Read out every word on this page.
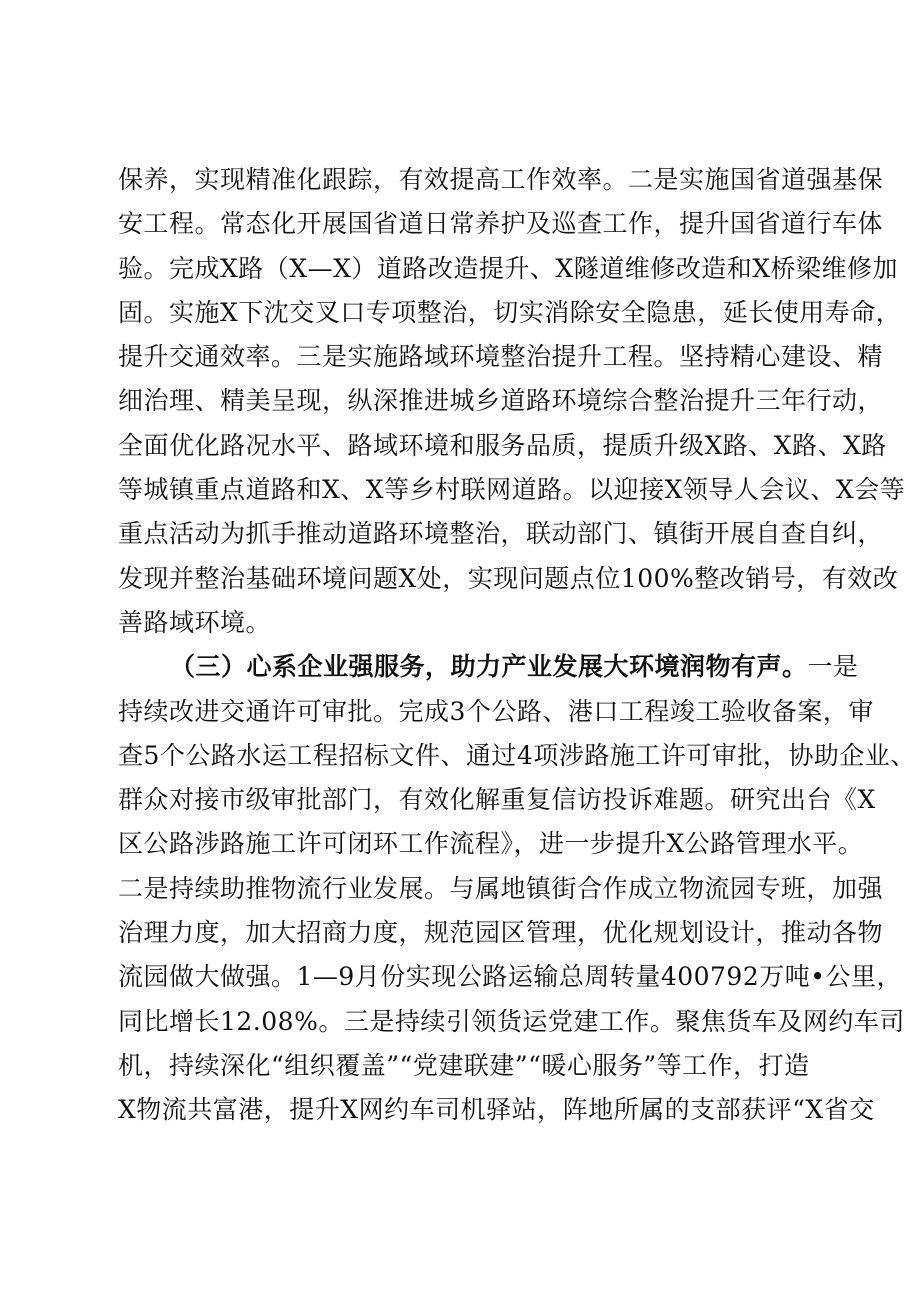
保养，实现精准化跟踪，有效提高工作效率。二是实施国省道强基保
安工程。常态化开展国省道日常养护及巡查工作，提升国省道行车体
验。完成X路（X—X）道路改造提升、X隧道维修改造和X桥梁维修加
固。实施X下沈交叉口专项整治，切实消除安全隐患，延长使用寿命，
提升交通效率。三是实施路域环境整治提升工程。坚持精心建设、精
细治理、精美呈现，纵深推进城乡道路环境综合整治提升三年行动，
全面优化路况水平、路域环境和服务品质，提质升级X路、X路、X路
等城镇重点道路和X、X等乡村联网道路。以迎接X领导人会议、X会等
重点活动为抓手推动道路环境整治，联动部门、镇街开展自查自纠，
发现并整治基础环境问题X处，实现问题点位100%整改销号，有效改
善路域环境。
（三）心系企业强服务，助力产业发展大环境润物有声。一是
持续改进交通许可审批。完成3个公路、港口工程竣工验收备案，审
查5个公路水运工程招标文件、通过4项涉路施工许可审批，协助企业、
群众对接市级审批部门，有效化解重复信访投诉难题。研究出台《X
区公路涉路施工许可闭环工作流程》，进一步提升X公路管理水平。
二是持续助推物流行业发展。与属地镇街合作成立物流园专班，加强
治理力度，加大招商力度，规范园区管理，优化规划设计，推动各物
流园做大做强。1—9月份实现公路运输总周转量400792万吨•公里，
同比增长12.08%。三是持续引领货运党建工作。聚焦货车及网约车司
机，持续深化“组织覆盖”“党建联建”“暖心服务”等工作，打造
X物流共富港，提升X网约车司机驿站，阵地所属的支部获评“X省交
